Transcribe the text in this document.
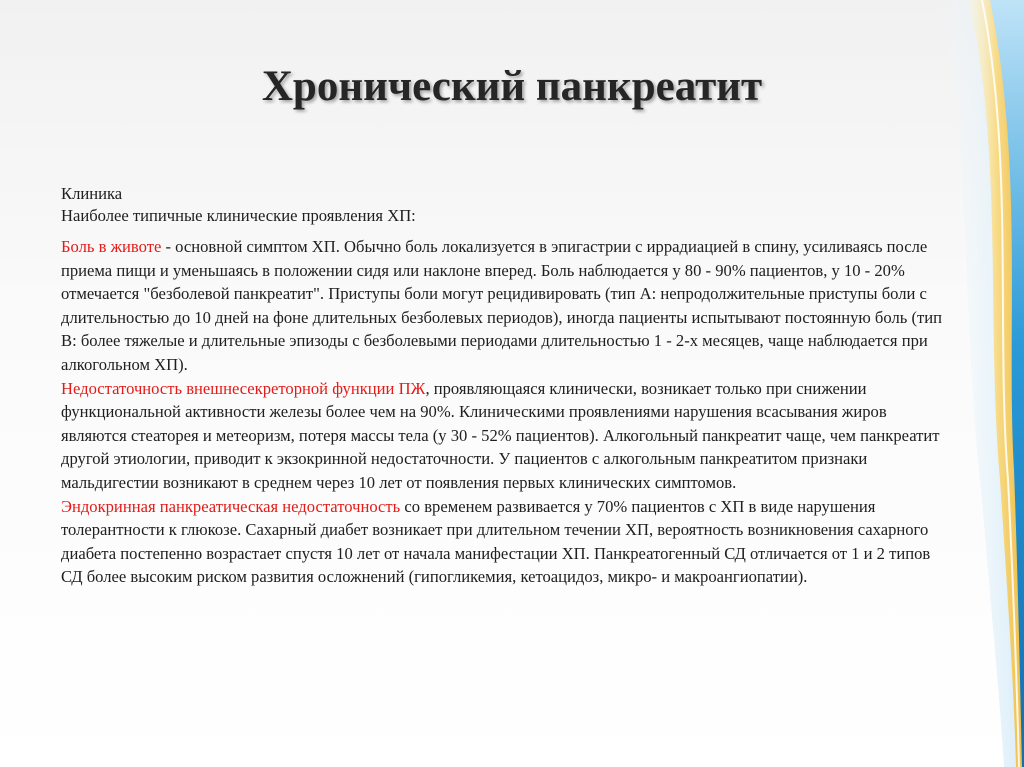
Хронический панкреатит

Клиника

Наиболее типичные клинические проявления ХП:

Боль в животе - основной симптом ХП. Обычно боль локализуется в эпигастрии с иррадиацией в спину, усиливаясь после приема пищи и уменьшаясь в положении сидя или наклоне вперед. Боль наблюдается у 80 - 90% пациентов, у 10 - 20% отмечается "безболевой панкреатит". Приступы боли могут рецидивировать (тип А: непродолжительные приступы боли с длительностью до 10 дней на фоне длительных безболевых периодов), иногда пациенты испытывают постоянную боль (тип В: более тяжелые и длительные эпизоды с безболевыми периодами длительностью 1 - 2-х месяцев, чаще наблюдается при алкогольном ХП).

Недостаточность внешнесекреторной функции ПЖ, проявляющаяся клинически, возникает только при снижении функциональной активности железы более чем на 90%. Клиническими проявлениями нарушения всасывания жиров являются стеаторея и метеоризм, потеря массы тела (у 30 - 52% пациентов). Алкогольный панкреатит чаще, чем панкреатит другой этиологии, приводит к экзокринной недостаточности. У пациентов с алкогольным панкреатитом признаки мальдигестии возникают в среднем через 10 лет от появления первых клинических симптомов.

Эндокринная панкреатическая недостаточность со временем развивается у 70% пациентов с ХП в виде нарушения толерантности к глюкозе. Сахарный диабет возникает при длительном течении ХП, вероятность возникновения сахарного диабета постепенно возрастает спустя 10 лет от начала манифестации ХП. Панкреатогенный СД отличается от 1 и 2 типов СД более высоким риском развития осложнений (гипогликемия, кетоацидоз, микро- и макроангиопатии).
